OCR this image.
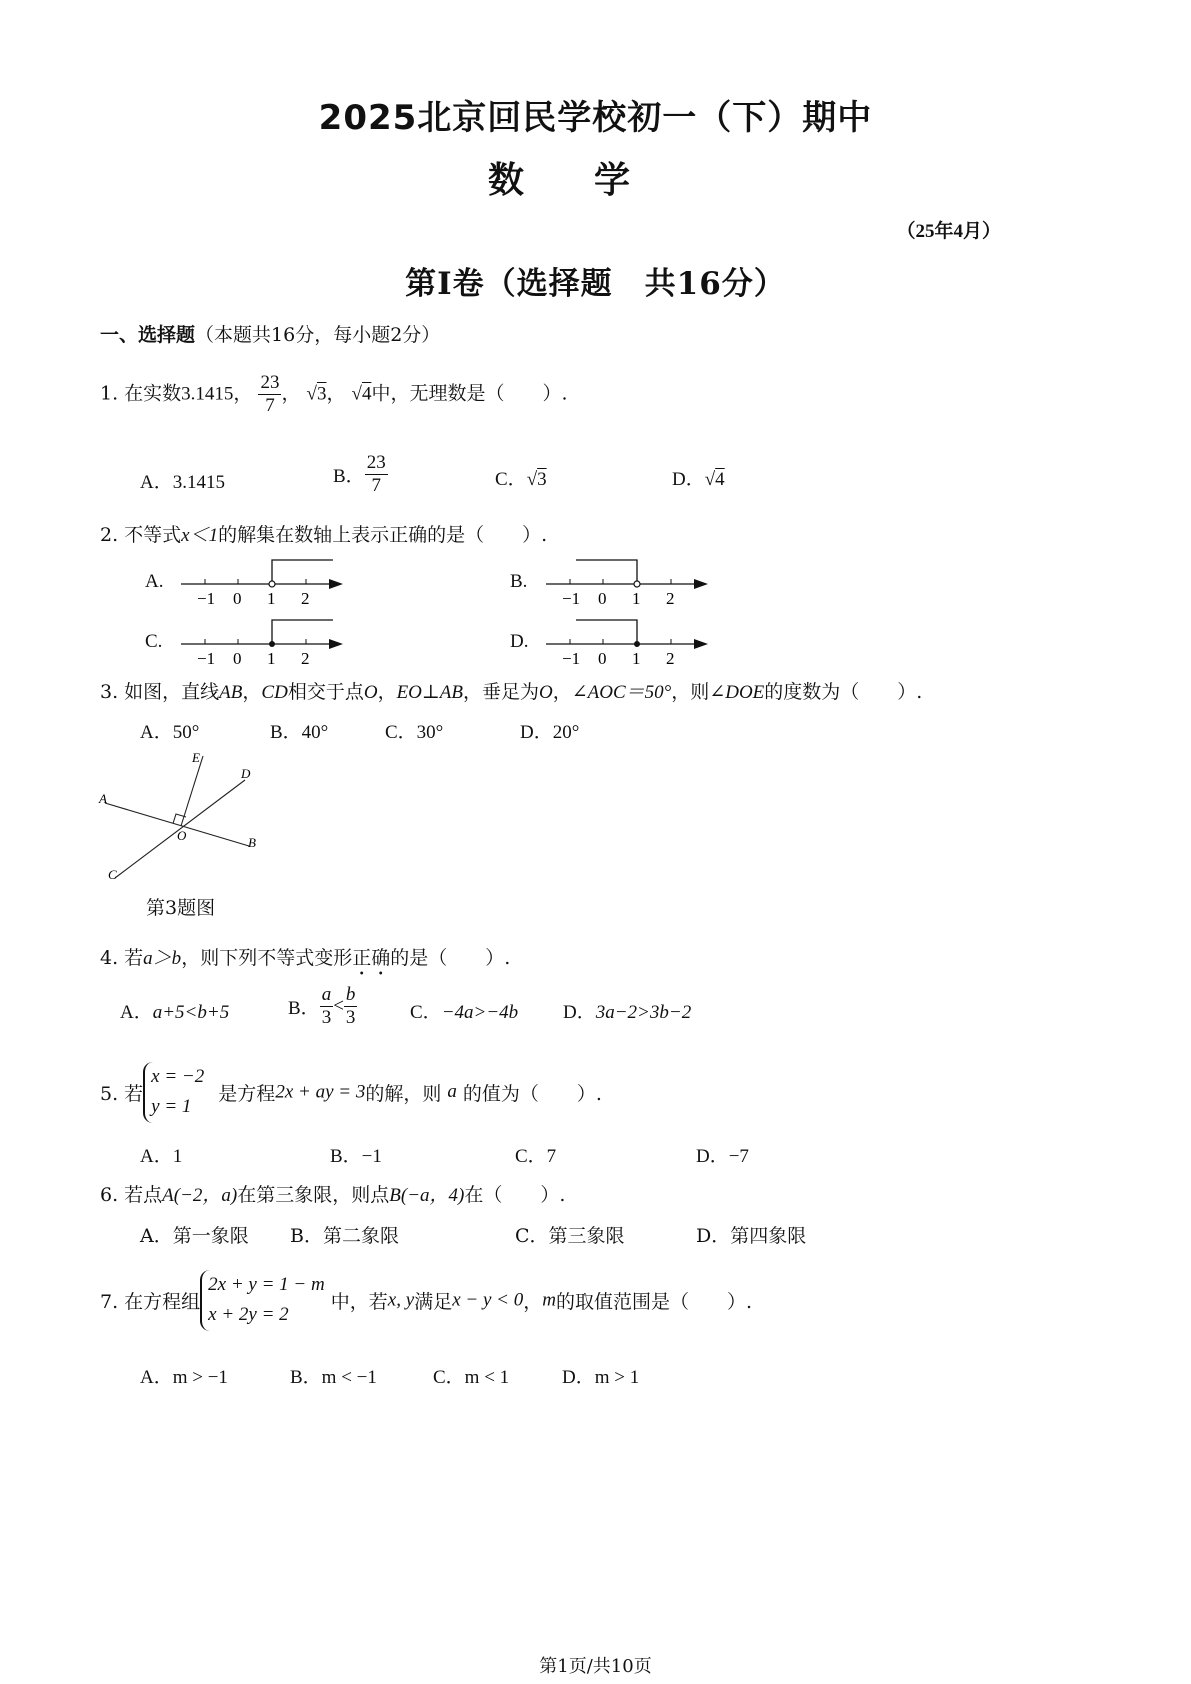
2025北京回民学校初一（下）期中
数学
（25年4月）
第I卷（选择题　共16分）
一、选择题（本题共16分，每小题2分）
1. 在实数3.1415， $\frac{23}{7}$ ， √3， √4中，无理数是（　　）.
A．3.1415	B． $\frac{23}{7}$	C．√3	D．√4
2. 不等式x＜1的解集在数轴上表示正确的是（　　）.
A.	B.
C.	D.
−1 0 1 2	−1 0 1 2
−1 0 1 2	−1 0 1 2
3. 如图，直线AB，CD相交于点O，EO⊥AB，垂足为O，∠AOC＝50°，则∠DOE的度数为（　　）.
A．50°	B．40°	C．30°	D．20°
A
B
C
D
E
O
第3题图
4. 若a＞b，则下列不等式变形正确的是（　　）.
A．a+5<b+5	B． $\frac{a}{3} < \frac{b}{3}$	C．−4a>−4b D．3a−2>3b−2
5. 若
x = −2
y = 1
是方程2x + ay = 3的解，则 a 的值为（　　）.
A．1	B．−1	C．7	D．−7
6. 若点A(−2，a)在第三象限，则点B(−a，4)在（　　）.
A．第一象限 B．第二象限	C．第三象限	D．第四象限
7. 在方程组
2x + y = 1 − m
x + 2y = 2
中，若x, y满足x − y < 0，m的取值范围是（　　）.
A．m > −1	B．m < −1	C．m < 1	D．m > 1
第1页/共10页
